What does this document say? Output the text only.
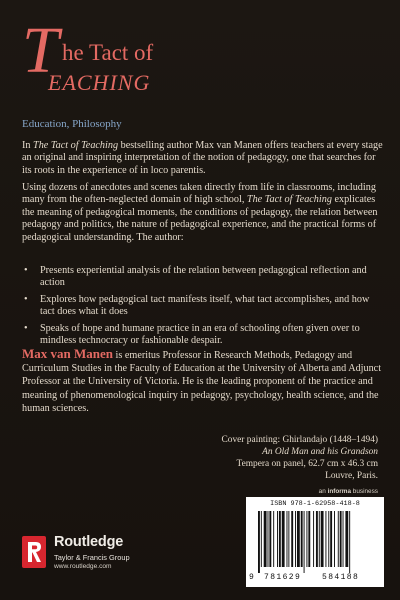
T he Tact of
EACHING
Education, Philosophy
In The Tact of Teaching bestselling author Max van Manen offers teachers at every stage an original and inspiring interpretation of the notion of pedagogy, one that searches for its roots in the experience of in loco parentis.
Using dozens of anecdotes and scenes taken directly from life in classrooms, including many from the often-neglected domain of high school, The Tact of Teaching explicates the meaning of pedagogical moments, the conditions of pedagogy, the relation between pedagogy and politics, the nature of pedagogical experience, and the practical forms of pedagogical understanding. The author:
• Presents experiential analysis of the relation between pedagogical reflection and action
• Explores how pedagogical tact manifests itself, what tact accomplishes, and how tact does what it does
• Speaks of hope and humane practice in an era of schooling often given over to mindless technocracy or fashionable despair.
Max van Manen is emeritus Professor in Research Methods, Pedagogy and Curriculum Studies in the Faculty of Education at the University of Alberta and Adjunct Professor at the University of Victoria. He is the leading proponent of the practice and meaning of phenomenological inquiry in pedagogy, psychology, health science, and the human sciences.
Cover painting: Ghirlandajo (1448–1494)
An Old Man and his Grandson
Tempera on panel, 62.7 cm x 46.3 cm
Louvre, Paris.
an informa business
Routledge
Taylor & Francis Group
www.routledge.com
ISBN 978-1-62958-418-8
9 781629	584188
